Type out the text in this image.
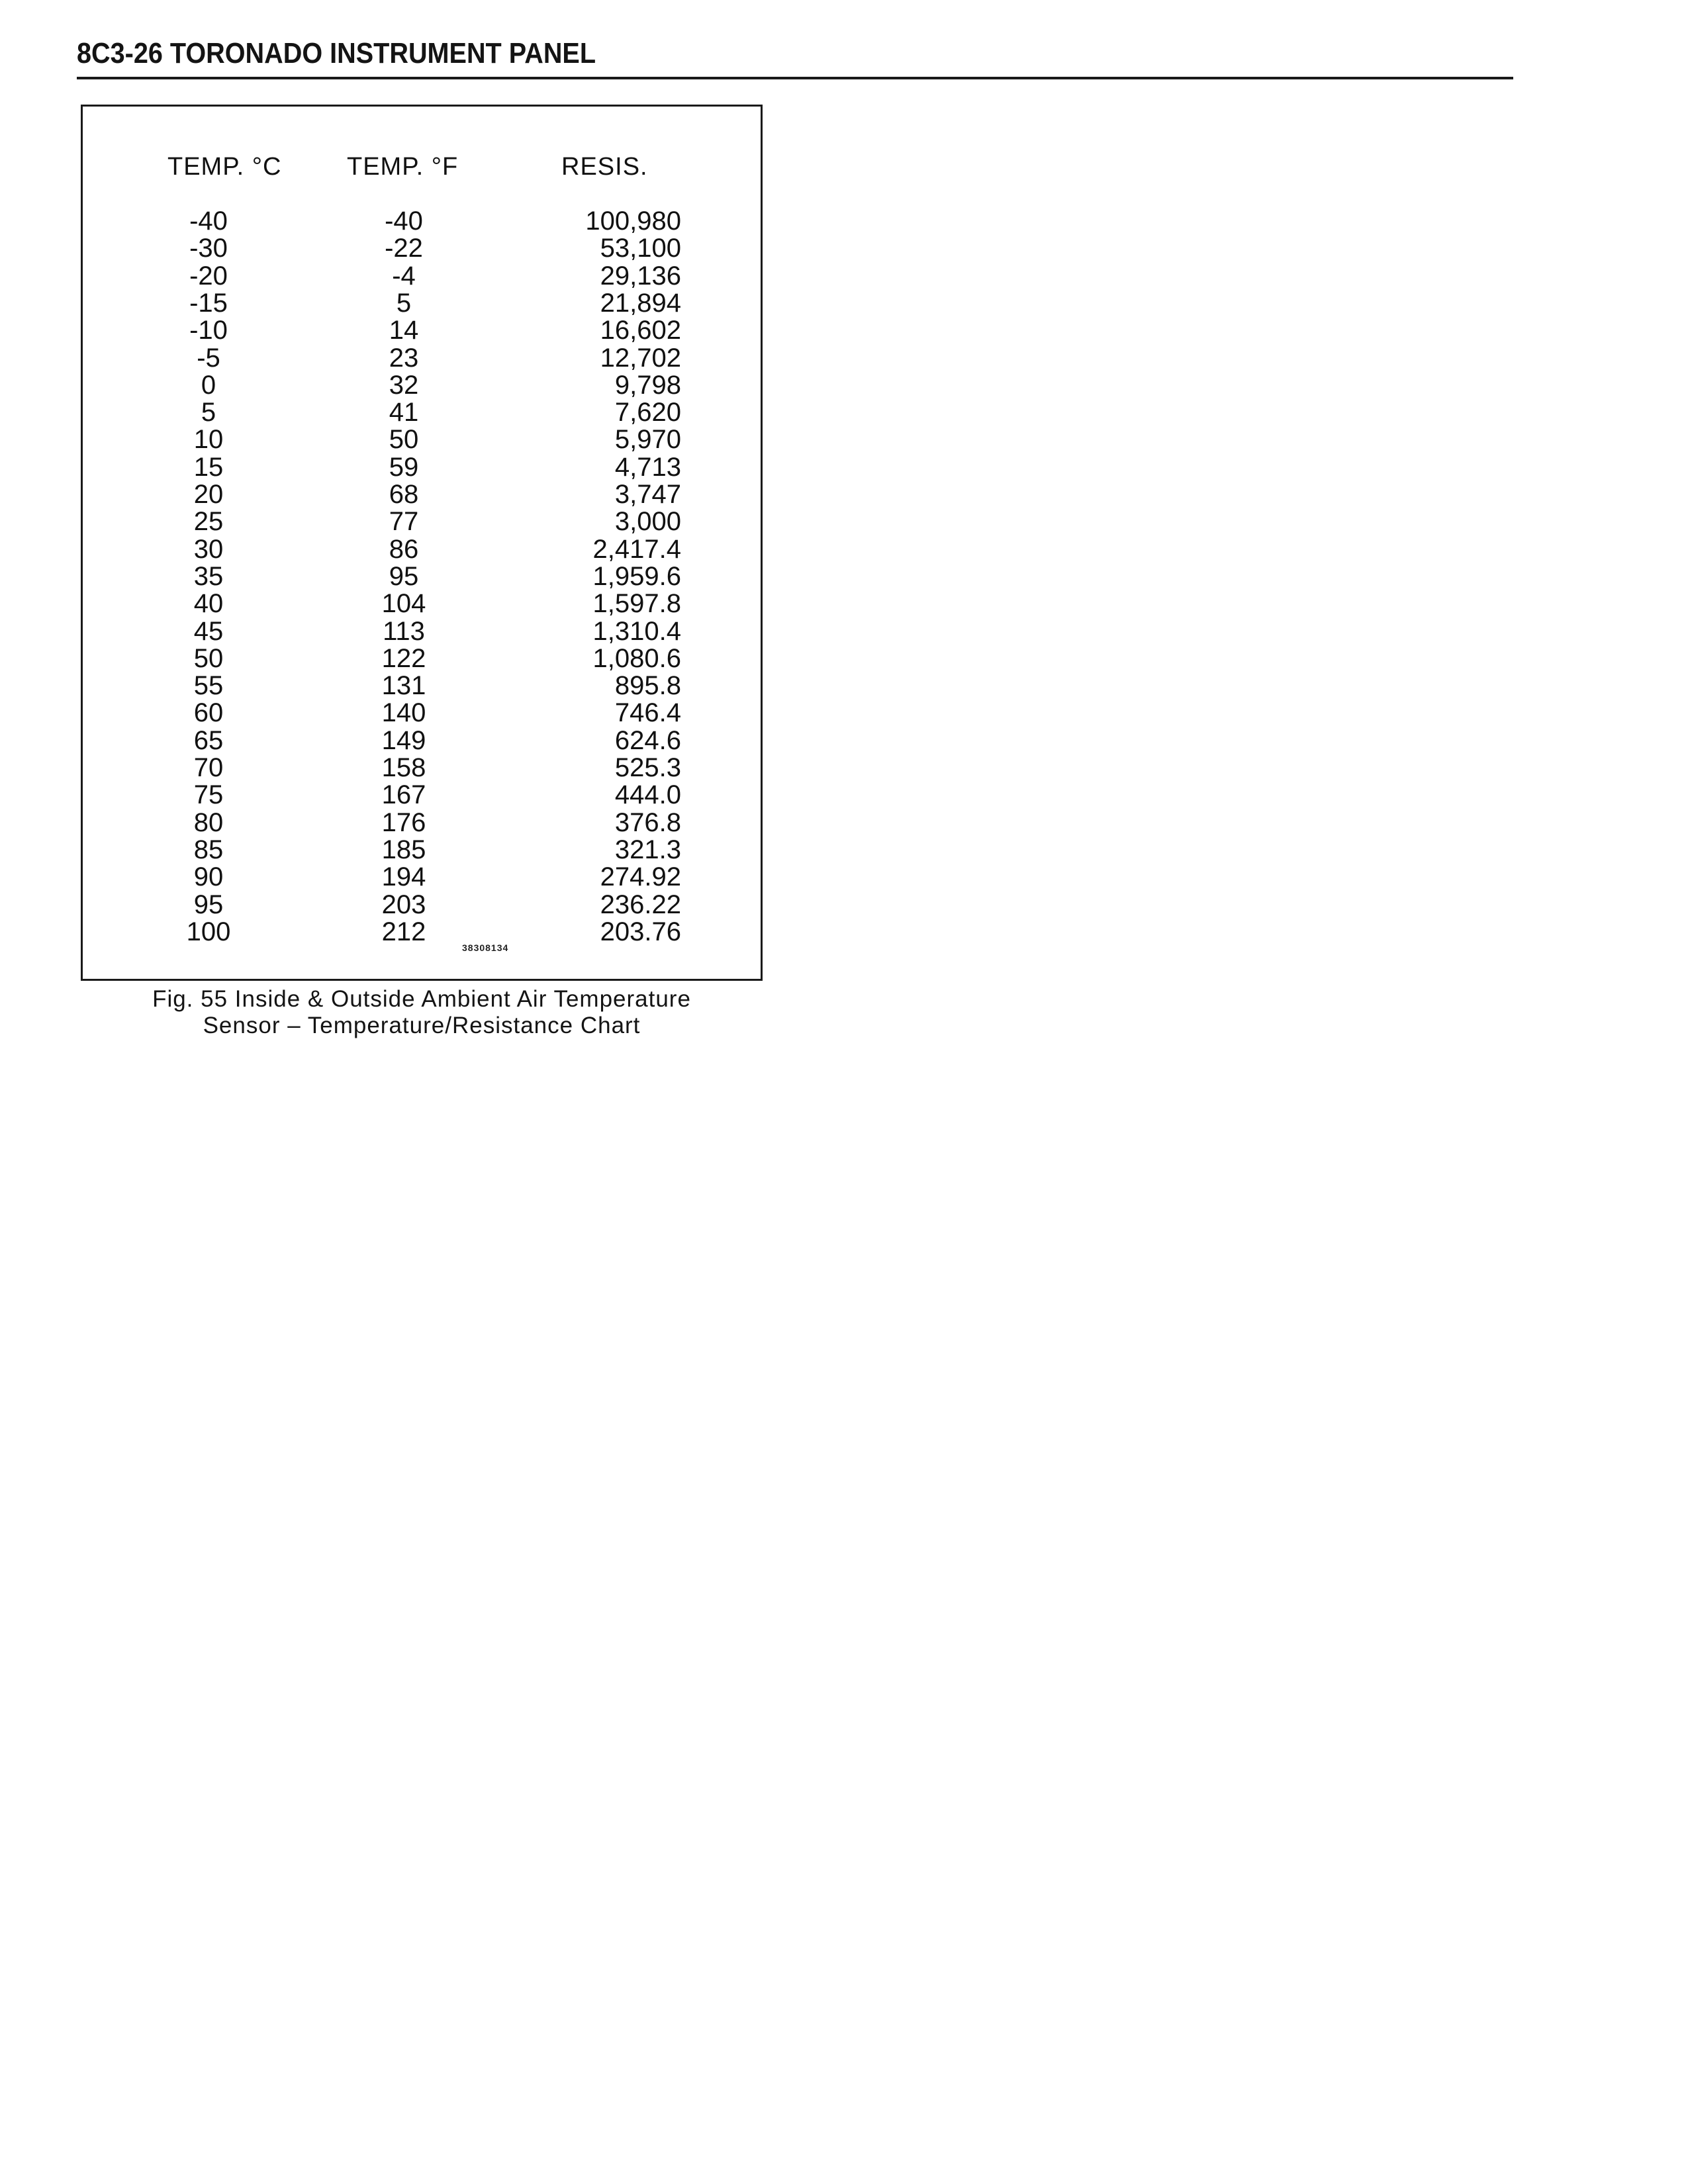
8C3-26 TORONADO INSTRUMENT PANEL
TEMP. °C	TEMP. °F	RESIS.
-40	-40	100,980
-30	-22	53,100
-20	-4	29,136
-15	5	21,894
-10	14	16,602
-5	23	12,702
0	32	9,798
5	41	7,620
10	50	5,970
15	59	4,713
20	68	3,747
25	77	3,000
30	86	2,417.4
35	95	1,959.6
40	104	1,597.8
45	113	1,310.4
50	122	1,080.6
55	131	895.8
60	140	746.4
65	149	624.6
70	158	525.3
75	167	444.0
80	176	376.8
85	185	321.3
90	194	274.92
95	203	236.22
100	212	203.76
38308134
Fig. 55 Inside & Outside Ambient Air Temperature
Sensor – Temperature/Resistance Chart
